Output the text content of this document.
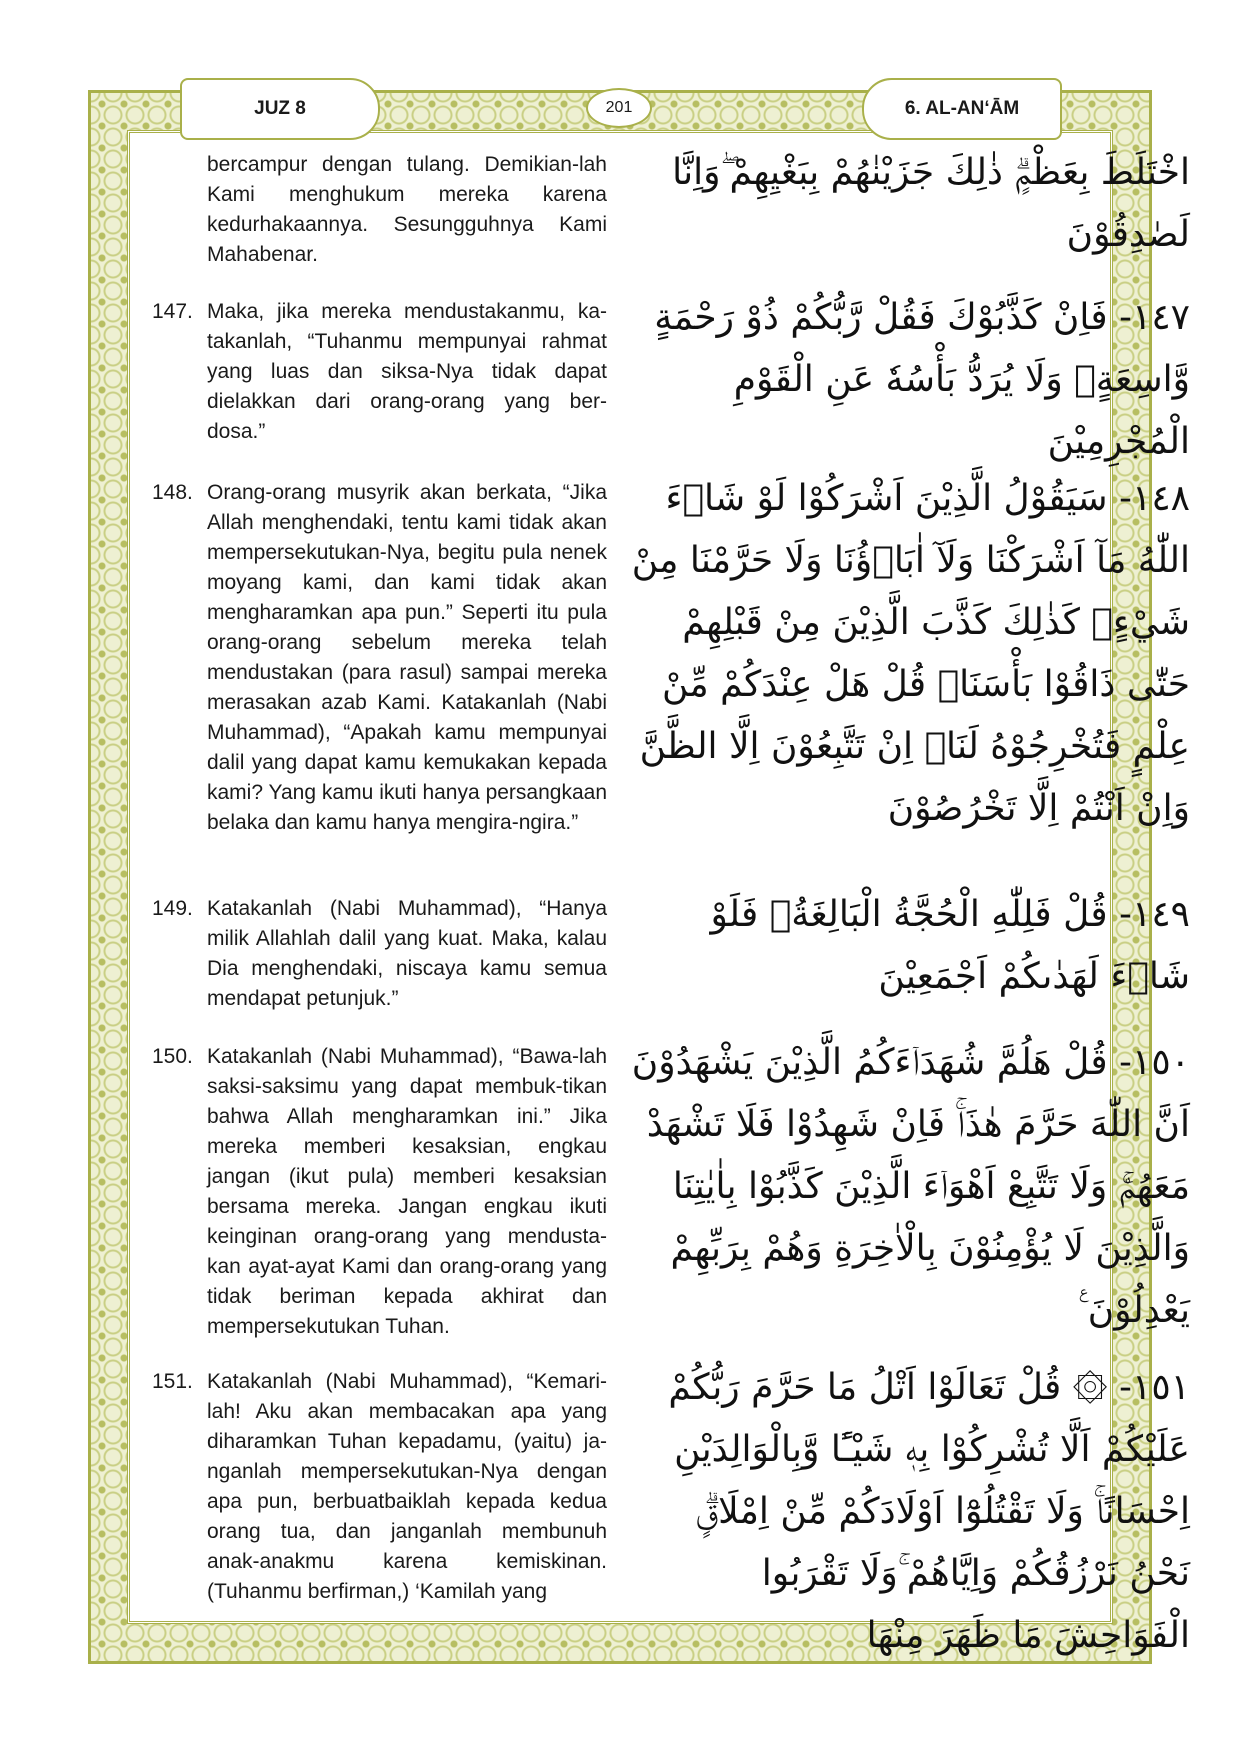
JUZ 8	201	6. AL-AN‘ĀM
bercampur dengan tulang. Demikian-lah Kami menghukum mereka karena kedurhakaannya. Sesungguhnya Kami Mahabenar.
اخْتَلَطَ بِعَظْمٍۗ ذٰلِكَ جَزَيْنٰهُمْ بِبَغْيِهِمْ ۖوَاِنَّا لَصٰدِقُوْنَ
147. Maka, jika mereka mendustakanmu, ka-takanlah, “Tuhanmu mempunyai rahmat yang luas dan siksa-Nya tidak dapat dielakkan dari orang-orang yang ber-dosa.”
١٤٧- فَاِنْ كَذَّبُوْكَ فَقُلْ رَّبُّكُمْ ذُوْ رَحْمَةٍ وَّاسِعَةٍۚ وَلَا يُرَدُّ بَأْسُهٗ عَنِ الْقَوْمِ الْمُجْرِمِيْنَ
148. Orang-orang musyrik akan berkata, “Jika Allah menghendaki, tentu kami tidak akan mempersekutukan-Nya, begitu pula nenek moyang kami, dan kami tidak akan mengharamkan apa pun.” Seperti itu pula orang-orang sebelum mereka telah mendustakan (para rasul) sampai mereka merasakan azab Kami. Katakanlah (Nabi Muhammad), “Apakah kamu mempunyai dalil yang dapat kamu kemukakan kepada kami? Yang kamu ikuti hanya persangkaan belaka dan kamu hanya mengira-ngira.”
١٤٨- سَيَقُوْلُ الَّذِيْنَ اَشْرَكُوْا لَوْ شَاۤءَ اللّٰهُ مَآ اَشْرَكْنَا وَلَآ اٰبَاۤؤُنَا وَلَا حَرَّمْنَا مِنْ شَيْءٍۗ كَذٰلِكَ كَذَّبَ الَّذِيْنَ مِنْ قَبْلِهِمْ حَتّٰى ذَاقُوْا بَأْسَنَاۗ قُلْ هَلْ عِنْدَكُمْ مِّنْ عِلْمٍ فَتُخْرِجُوْهُ لَنَاۗ اِنْ تَتَّبِعُوْنَ اِلَّا الظَّنَّ وَاِنْ اَنْتُمْ اِلَّا تَخْرُصُوْنَ
149. Katakanlah (Nabi Muhammad), “Hanya milik Allahlah dalil yang kuat. Maka, kalau Dia menghendaki, niscaya kamu semua mendapat petunjuk.”
١٤٩- قُلْ فَلِلّٰهِ الْحُجَّةُ الْبَالِغَةُۚ فَلَوْ شَاۤءَ لَهَدٰىكُمْ اَجْمَعِيْنَ
150. Katakanlah (Nabi Muhammad), “Bawa-lah saksi-saksimu yang dapat membuk-tikan bahwa Allah mengharamkan ini.” Jika mereka memberi kesaksian, engkau jangan (ikut pula) memberi kesaksian bersama mereka. Jangan engkau ikuti keinginan orang-orang yang mendusta-kan ayat-ayat Kami dan orang-orang yang tidak beriman kepada akhirat dan mempersekutukan Tuhan.
١٥٠- قُلْ هَلُمَّ شُهَدَاۤءَكُمُ الَّذِيْنَ يَشْهَدُوْنَ اَنَّ اللّٰهَ حَرَّمَ هٰذَاۚ فَاِنْ شَهِدُوْا فَلَا تَشْهَدْ مَعَهُمْۚ وَلَا تَتَّبِعْ اَهْوَاۤءَ الَّذِيْنَ كَذَّبُوْا بِاٰيٰتِنَا وَالَّذِيْنَ لَا يُؤْمِنُوْنَ بِالْاٰخِرَةِ وَهُمْ بِرَبِّهِمْ يَعْدِلُوْنَ ࣖ
151. Katakanlah (Nabi Muhammad), “Kemari-lah! Aku akan membacakan apa yang diharamkan Tuhan kepadamu, (yaitu) ja-nganlah mempersekutukan-Nya dengan apa pun, berbuatbaiklah kepada kedua orang tua, dan janganlah membunuh anak-anakmu karena kemiskinan. (Tuhanmu berfirman,) ‘Kamilah yang
١٥١- ۞ قُلْ تَعَالَوْا اَتْلُ مَا حَرَّمَ رَبُّكُمْ عَلَيْكُمْ اَلَّا تُشْرِكُوْا بِهٖ شَيْـًٔا وَّبِالْوَالِدَيْنِ اِحْسَانًاۚ وَلَا تَقْتُلُوْٓا اَوْلَادَكُمْ مِّنْ اِمْلَاقٍۗ نَحْنُ نَرْزُقُكُمْ وَاِيَّاهُمْ ۚوَلَا تَقْرَبُوا الْفَوَاحِشَ مَا ظَهَرَ مِنْهَا
